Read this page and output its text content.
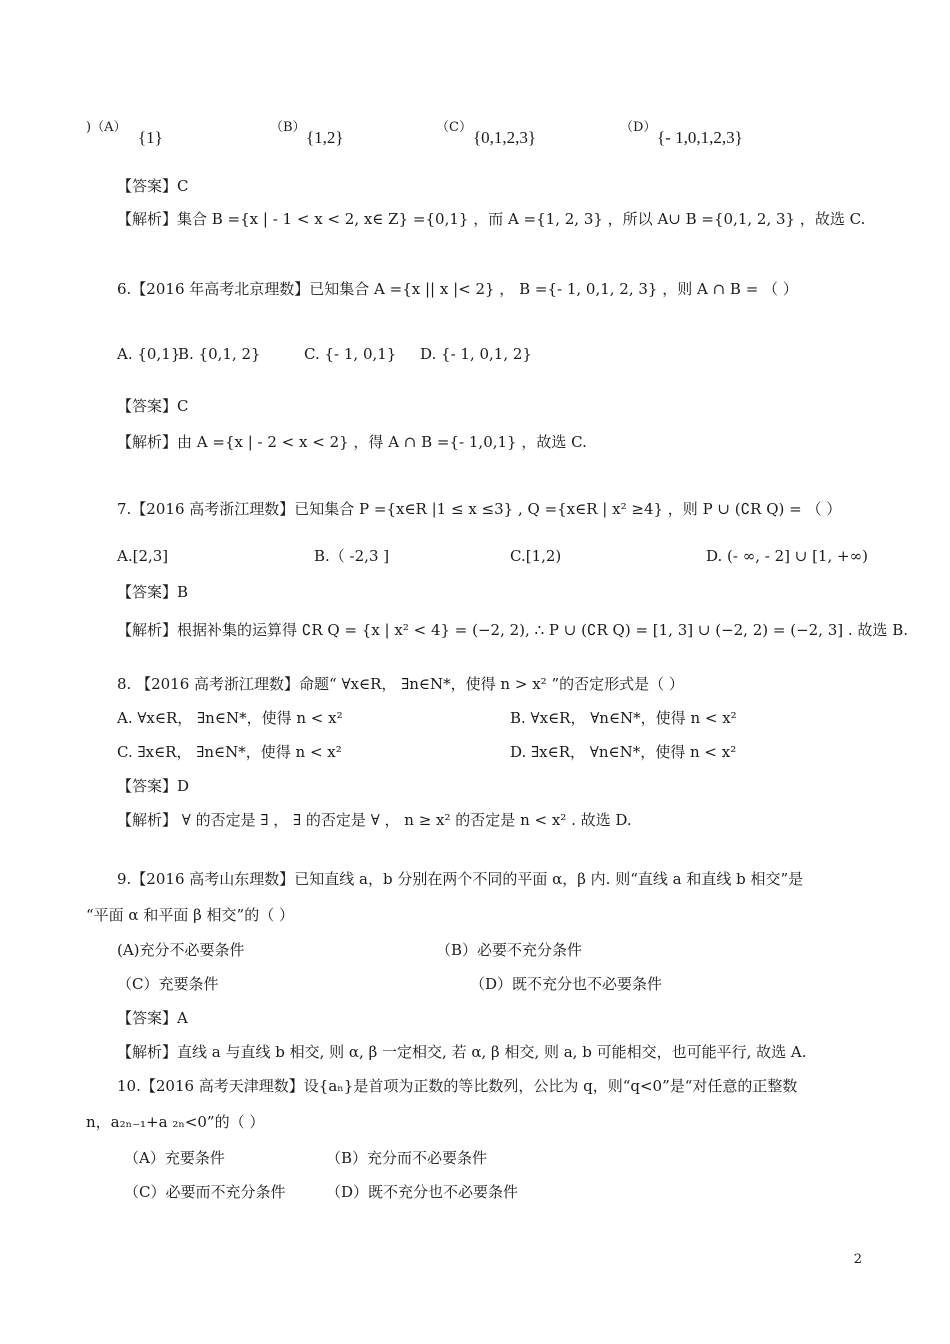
)（A）
{1}
（B）
{1,2}
（C）
{0,1,2,3}
（D）
{- 1,0,1,2,3}
【答案】C
【解析】集合 B ={x | - 1 < x < 2, x∈ Z} ={0,1} ，而 A ={1, 2, 3} ，所以 A∪ B ={0,1, 2, 3} ，故选 C.
6.【2016 年高考北京理数】已知集合 A ={x || x |< 2} ， B ={- 1, 0,1, 2, 3} ，则 A ∩ B = （ ）
A. {0,1}
B. {0,1, 2}	C. {- 1, 0,1} D. {- 1, 0,1, 2}
【答案】C
【解析】由 A ={x | - 2 < x < 2} ，得 A ∩ B ={- 1,0,1} ，故选 C.
7.【2016 高考浙江理数】已知集合 P ={x∈R |1 ≤ x ≤3} , Q ={x∈R | x² ≥4} ，则 P ∪ (∁R Q) = （ ）
A.[2,3]	B.（ -2,3 ]	C.[1,2)	D. (- ∞, - 2] ∪ [1, +∞)
【答案】B
【解析】根据补集的运算得 ∁R Q = {x | x² < 4} = (−2, 2), ∴ P ∪ (∁R Q) = [1, 3] ∪ (−2, 2) = (−2, 3] . 故选 B.
8. 【2016 高考浙江理数】命题“ ∀x∈R， ∃n∈N*，使得 n > x² ”的否定形式是（ ）
A. ∀x∈R， ∃n∈N*，使得 n < x²	B. ∀x∈R， ∀n∈N*，使得 n < x²
C. ∃x∈R， ∃n∈N*，使得 n < x²	D. ∃x∈R， ∀n∈N*，使得 n < x²
【答案】D
【解析】 ∀ 的否定是 ∃ ， ∃ 的否定是 ∀ ， n ≥ x² 的否定是 n < x² . 故选 D.
9.【2016 高考山东理数】已知直线 a，b 分别在两个不同的平面 α，β 内. 则“直线 a 和直线 b 相交”是
“平面 α 和平面 β 相交”的（ ）
(A)充分不必要条件	（B）必要不充分条件
（C）充要条件	（D）既不充分也不必要条件
【答案】A
【解析】直线 a 与直线 b 相交, 则 α, β 一定相交, 若 α, β 相交, 则 a, b 可能相交，也可能平行, 故选 A.
10.【2016 高考天津理数】设{aₙ}是首项为正数的等比数列，公比为 q，则“q<0”是“对任意的正整数
n，a₂ₙ₋₁+a ₂ₙ<0”的（ ）
（A）充要条件	（B）充分而不必要条件
（C）必要而不充分条件	（D）既不充分也不必要条件
2
